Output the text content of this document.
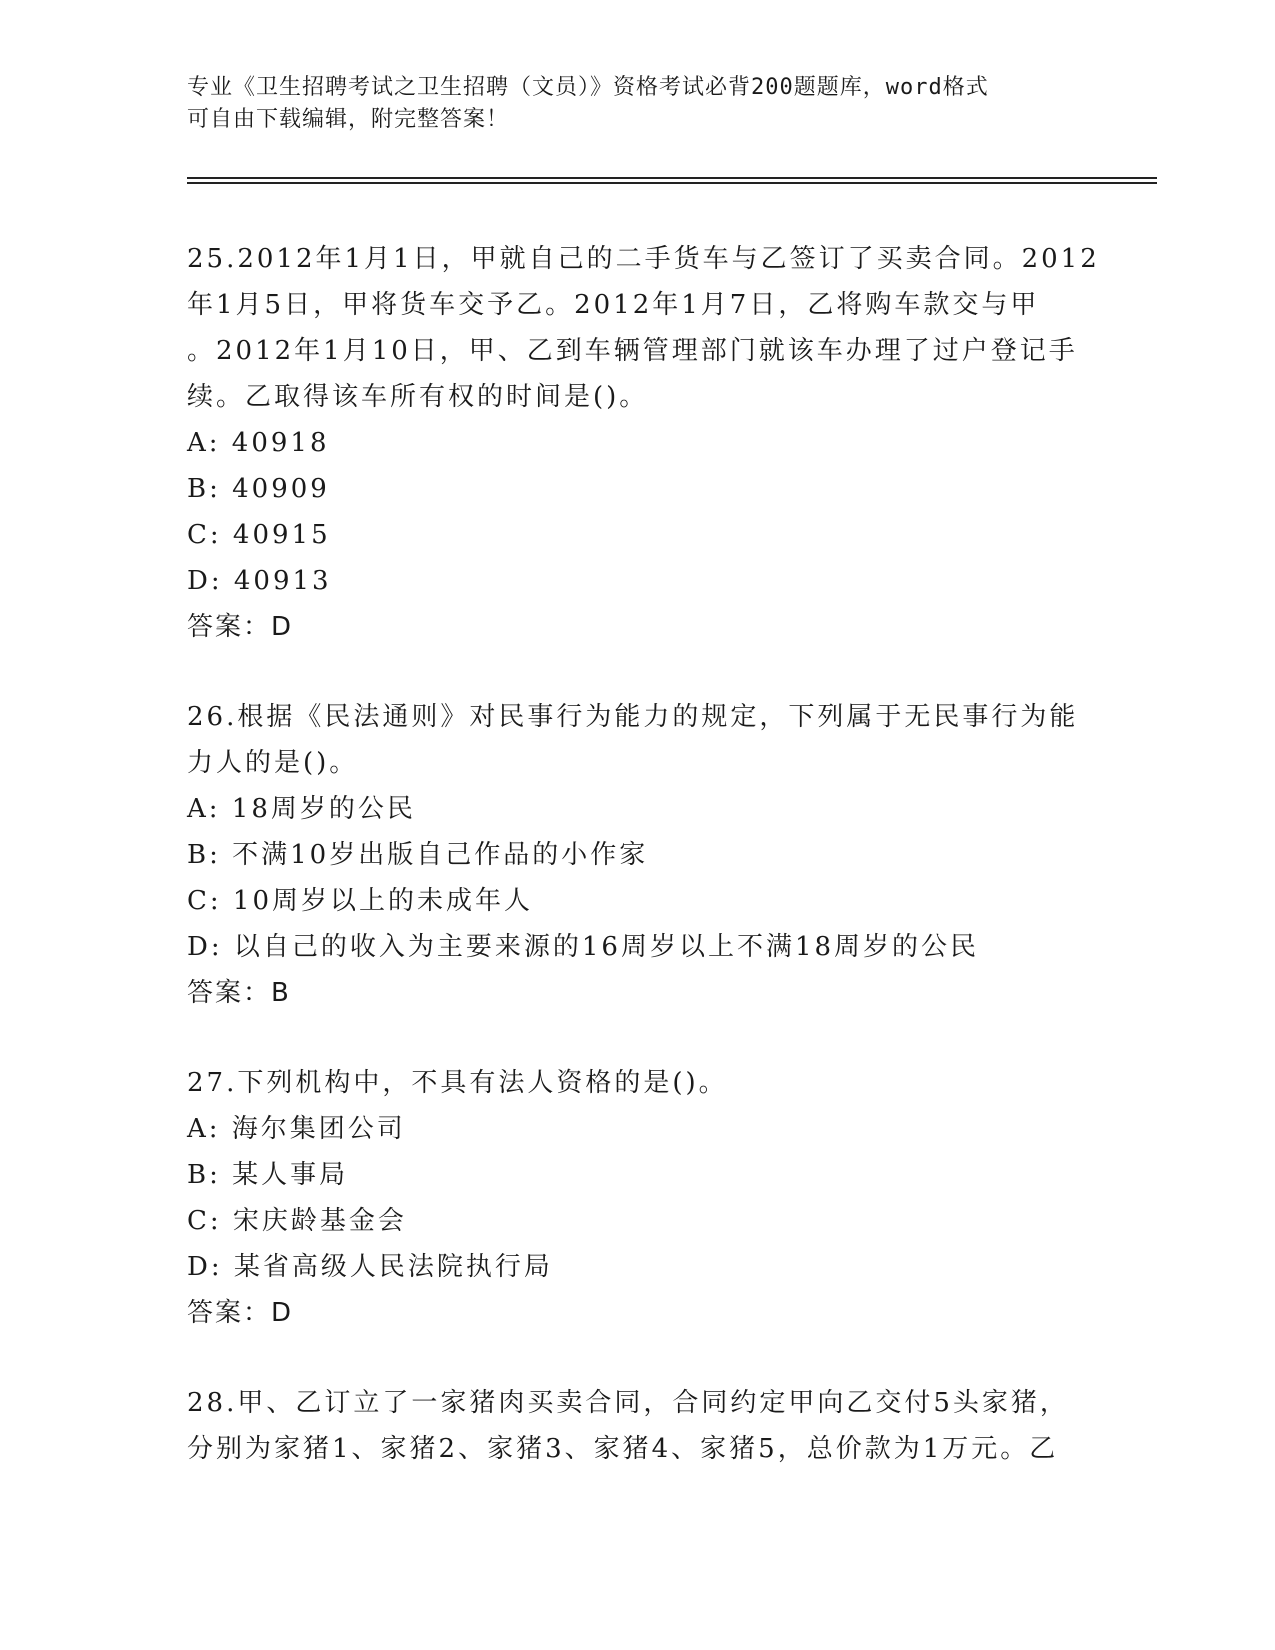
专业《卫生招聘考试之卫生招聘（文员）》资格考试必背200题题库，word格式
可自由下载编辑，附完整答案！
25.2012年1月1日，甲就自己的二手货车与乙签订了买卖合同。2012
年1月5日，甲将货车交予乙。2012年1月7日，乙将购车款交与甲
。2012年1月10日，甲、乙到车辆管理部门就该车办理了过户登记手
续。乙取得该车所有权的时间是()。
A: 40918
B: 40909
C: 40915
D: 40913
答案：D
26.根据《民法通则》对民事行为能力的规定，下列属于无民事行为能
力人的是()。
A: 18周岁的公民
B: 不满10岁出版自己作品的小作家
C: 10周岁以上的未成年人
D: 以自己的收入为主要来源的16周岁以上不满18周岁的公民
答案：B
27.下列机构中，不具有法人资格的是()。
A: 海尔集团公司
B: 某人事局
C: 宋庆龄基金会
D: 某省高级人民法院执行局
答案：D
28.甲、乙订立了一家猪肉买卖合同，合同约定甲向乙交付5头家猪，
分别为家猪1、家猪2、家猪3、家猪4、家猪5，总价款为1万元。乙
